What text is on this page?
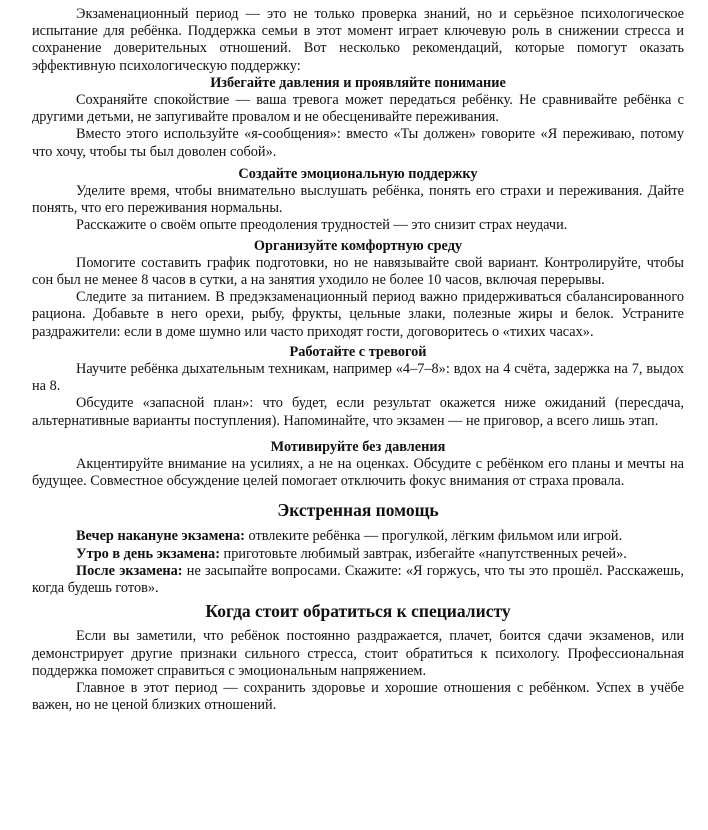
Экзаменационный период — это не только проверка знаний, но и серьёзное психологическое испытание для ребёнка. Поддержка семьи в этот момент играет ключевую роль в снижении стресса и сохранение доверительных отношений. Вот несколько рекомендаций, которые помогут оказать эффективную психологическую поддержку:

Избегайте давления и проявляйте понимание

Сохраняйте спокойствие — ваша тревога может передаться ребёнку. Не сравнивайте ребёнка с другими детьми, не запугивайте провалом и не обесценивайте переживания.

Вместо этого используйте «я-сообщения»: вместо «Ты должен» говорите «Я переживаю, потому что хочу, чтобы ты был доволен собой».

Создайте эмоциональную поддержку

Уделите время, чтобы внимательно выслушать ребёнка, понять его страхи и переживания. Дайте понять, что его переживания нормальны.

Расскажите о своём опыте преодоления трудностей — это снизит страх неудачи.

Организуйте комфортную среду

Помогите составить график подготовки, но не навязывайте свой вариант. Контролируйте, чтобы сон был не менее 8 часов в сутки, а на занятия уходило не более 10 часов, включая перерывы.

Следите за питанием. В предэкзаменационный период важно придерживаться сбалансированного рациона. Добавьте в него орехи, рыбу, фрукты, цельные злаки, полезные жиры и белок. Устраните раздражители: если в доме шумно или часто приходят гости, договоритесь о «тихих часах».

Работайте с тревогой

Научите ребёнка дыхательным техникам, например «4–7–8»: вдох на 4 счёта, задержка на 7, выдох на 8.

Обсудите «запасной план»: что будет, если результат окажется ниже ожиданий (пересдача, альтернативные варианты поступления). Напоминайте, что экзамен — не приговор, а всего лишь этап.

Мотивируйте без давления

Акцентируйте внимание на усилиях, а не на оценках. Обсудите с ребёнком его планы и мечты на будущее. Совместное обсуждение целей помогает отключить фокус внимания от страха провала.

Экстренная помощь

Вечер накануне экзамена: отвлеките ребёнка — прогулкой, лёгким фильмом или игрой.

Утро в день экзамена: приготовьте любимый завтрак, избегайте «напутственных речей».

После экзамена: не засыпайте вопросами. Скажите: «Я горжусь, что ты это прошёл. Расскажешь, когда будешь готов».

Когда стоит обратиться к специалисту

Если вы заметили, что ребёнок постоянно раздражается, плачет, боится сдачи экзаменов, или демонстрирует другие признаки сильного стресса, стоит обратиться к психологу. Профессиональная поддержка поможет справиться с эмоциональным напряжением.

Главное в этот период — сохранить здоровье и хорошие отношения с ребёнком. Успех в учёбе важен, но не ценой близких отношений.
